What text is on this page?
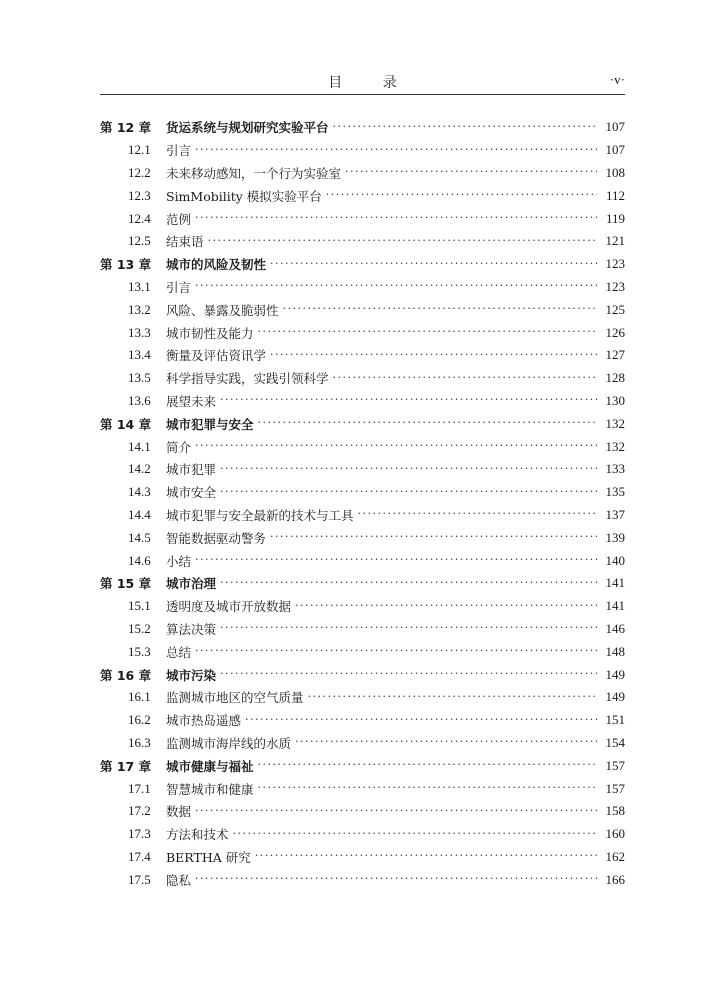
目 录	·v·
第 12 章	货运系统与规划研究实验平台 ·····	107
12.1	引言 ·····	107
12.2	未来移动感知，一个行为实验室 ·····	108
12.3	SimMobility 模拟实验平台 ·····	112
12.4	范例 ·····	119
12.5	结束语 ·····	121
第 13 章	城市的风险及韧性 ·····	123
13.1	引言 ·····	123
13.2	风险、暴露及脆弱性 ·····	125
13.3	城市韧性及能力 ·····	126
13.4	衡量及评估资讯学 ·····	127
13.5	科学指导实践，实践引领科学 ·····	128
13.6	展望未来 ·····	130
第 14 章	城市犯罪与安全 ·····	132
14.1	简介 ·····	132
14.2	城市犯罪 ·····	133
14.3	城市安全 ·····	135
14.4	城市犯罪与安全最新的技术与工具 ·····	137
14.5	智能数据驱动警务 ·····	139
14.6	小结 ·····	140
第 15 章	城市治理 ·····	141
15.1	透明度及城市开放数据 ·····	141
15.2	算法决策 ·····	146
15.3	总结 ·····	148
第 16 章	城市污染 ·····	149
16.1	监测城市地区的空气质量 ·····	149
16.2	城市热岛遥感 ·····	151
16.3	监测城市海岸线的水质 ·····	154
第 17 章	城市健康与福祉 ·····	157
17.1	智慧城市和健康 ·····	157
17.2	数据 ·····	158
17.3	方法和技术 ·····	160
17.4	BERTHA 研究 ·····	162
17.5	隐私 ·····	166
